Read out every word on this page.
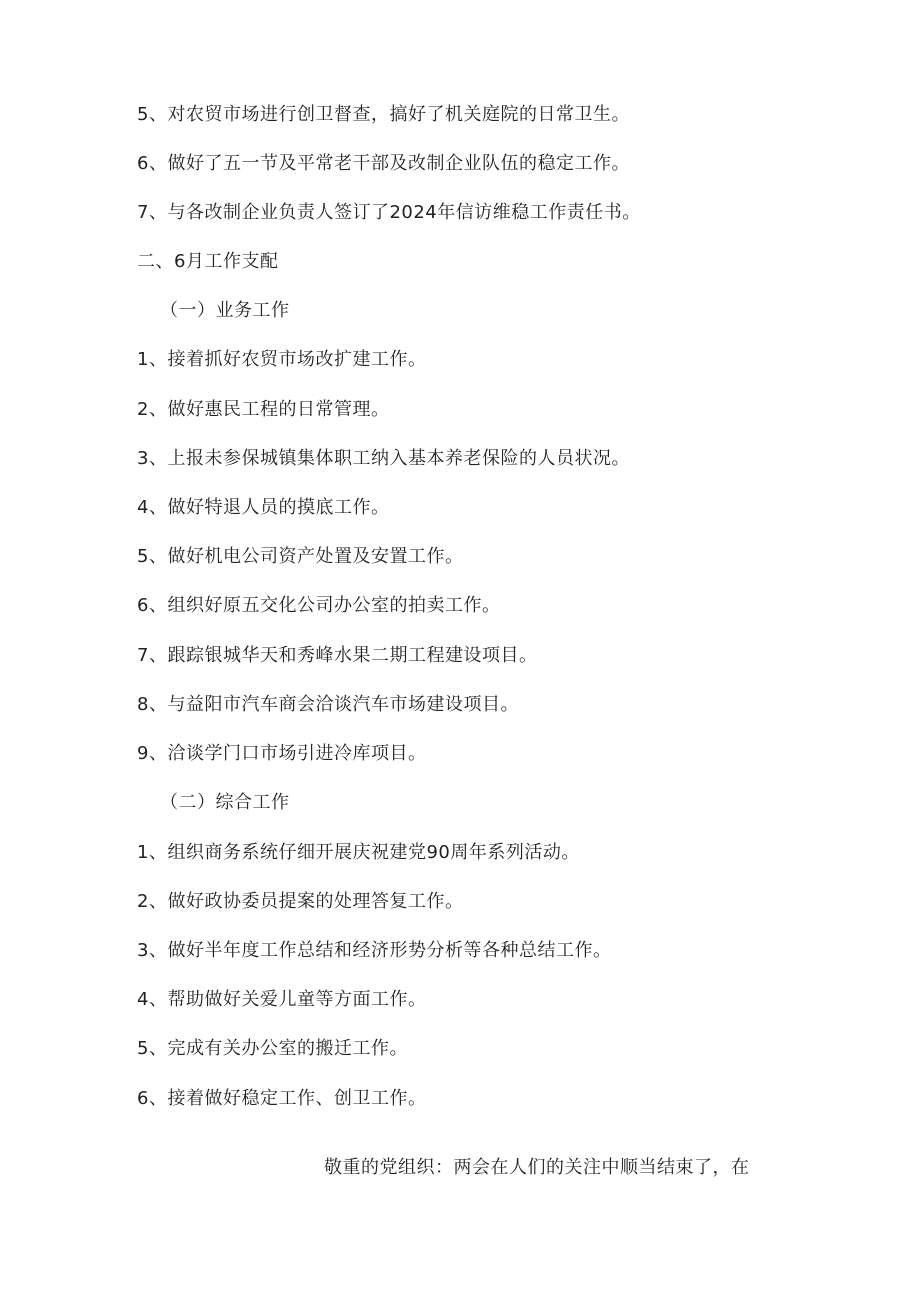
5、对农贸市场进行创卫督查，搞好了机关庭院的日常卫生。
6、做好了五一节及平常老干部及改制企业队伍的稳定工作。
7、与各改制企业负责人签订了2024年信访维稳工作责任书。
二、6月工作支配
（一）业务工作
1、接着抓好农贸市场改扩建工作。
2、做好惠民工程的日常管理。
3、上报未参保城镇集体职工纳入基本养老保险的人员状况。
4、做好特退人员的摸底工作。
5、做好机电公司资产处置及安置工作。
6、组织好原五交化公司办公室的拍卖工作。
7、跟踪银城华天和秀峰水果二期工程建设项目。
8、与益阳市汽车商会洽谈汽车市场建设项目。
9、洽谈学门口市场引进冷库项目。
（二）综合工作
1、组织商务系统仔细开展庆祝建党90周年系列活动。
2、做好政协委员提案的处理答复工作。
3、做好半年度工作总结和经济形势分析等各种总结工作。
4、帮助做好关爱儿童等方面工作。
5、完成有关办公室的搬迁工作。
6、接着做好稳定工作、创卫工作。
敬重的党组织：两会在人们的关注中顺当结束了，在
